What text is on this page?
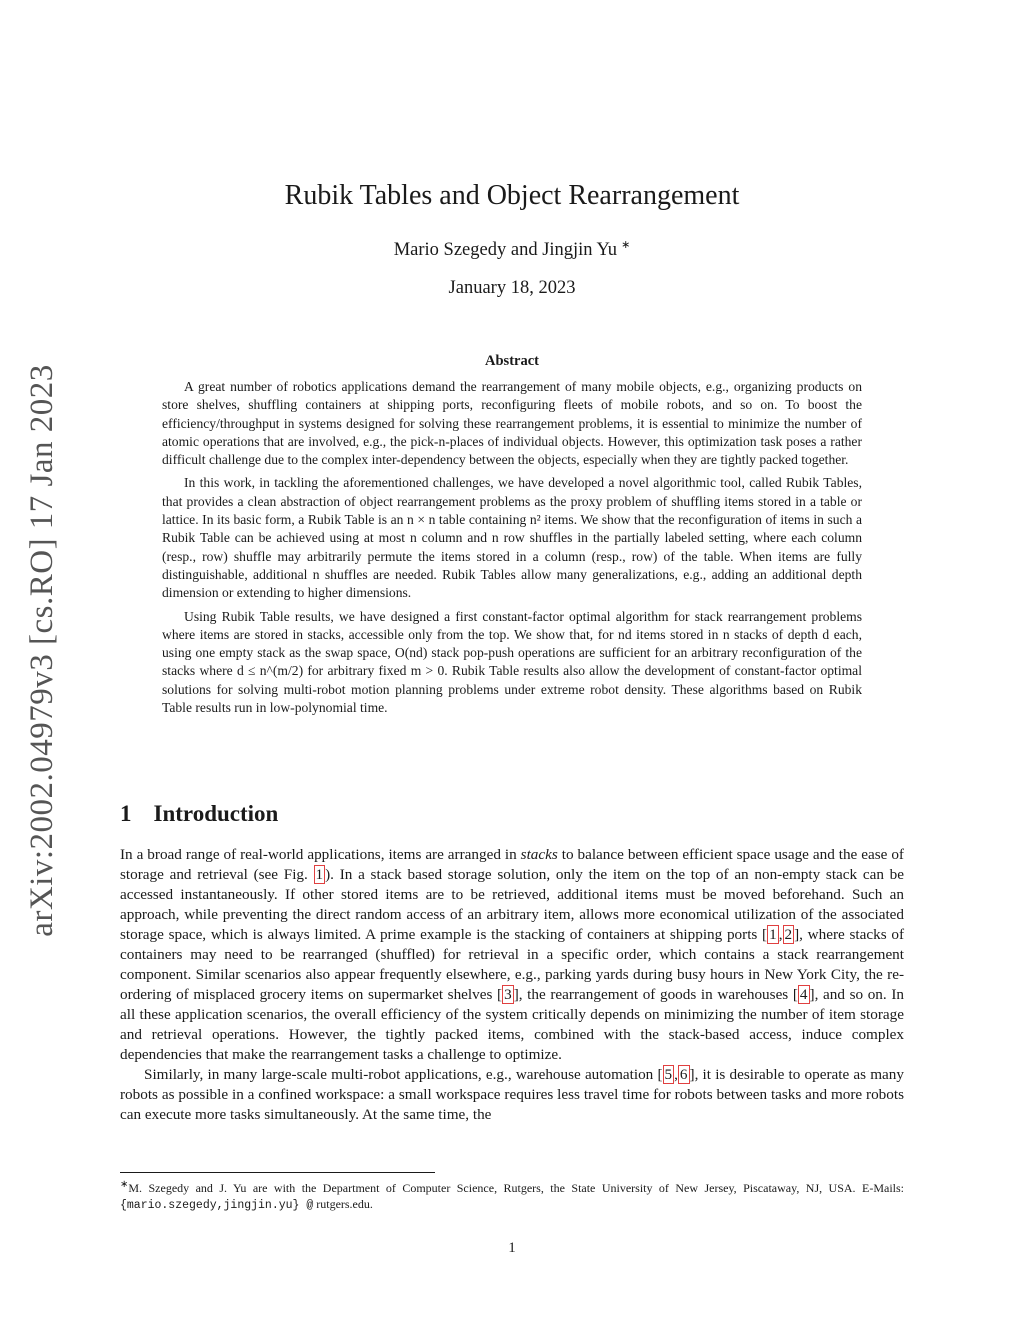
arXiv:2002.04979v3 [cs.RO] 17 Jan 2023
Rubik Tables and Object Rearrangement
Mario Szegedy and Jingjin Yu ∗
January 18, 2023
Abstract

A great number of robotics applications demand the rearrangement of many mobile objects, e.g., organizing products on store shelves, shuffling containers at shipping ports, reconfiguring fleets of mobile robots, and so on. To boost the efficiency/throughput in systems designed for solving these rearrangement problems, it is essential to minimize the number of atomic operations that are involved, e.g., the pick-n-places of individual objects. However, this optimization task poses a rather difficult challenge due to the complex inter-dependency between the objects, especially when they are tightly packed together.

In this work, in tackling the aforementioned challenges, we have developed a novel algorithmic tool, called Rubik Tables, that provides a clean abstraction of object rearrangement problems as the proxy problem of shuffling items stored in a table or lattice. In its basic form, a Rubik Table is an n × n table containing n² items. We show that the reconfiguration of items in such a Rubik Table can be achieved using at most n column and n row shuffles in the partially labeled setting, where each column (resp., row) shuffle may arbitrarily permute the items stored in a column (resp., row) of the table. When items are fully distinguishable, additional n shuffles are needed. Rubik Tables allow many generalizations, e.g., adding an additional depth dimension or extending to higher dimensions.

Using Rubik Table results, we have designed a first constant-factor optimal algorithm for stack rearrangement problems where items are stored in stacks, accessible only from the top. We show that, for nd items stored in n stacks of depth d each, using one empty stack as the swap space, O(nd) stack pop-push operations are sufficient for an arbitrary reconfiguration of the stacks where d ≤ n^(m/2) for arbitrary fixed m > 0. Rubik Table results also allow the development of constant-factor optimal solutions for solving multi-robot motion planning problems under extreme robot density. These algorithms based on Rubik Table results run in low-polynomial time.

1 Introduction

In a broad range of real-world applications, items are arranged in stacks to balance between efficient space usage and the ease of storage and retrieval (see Fig. 1 ). In a stack based storage solution, only the item on the top of an non-empty stack can be accessed instantaneously. If other stored items are to be retrieved, additional items must be moved beforehand. Such an approach, while preventing the direct random access of an arbitrary item, allows more economical utilization of the associated storage space, which is always limited. A prime example is the stacking of containers at shipping ports [ 1 , 2 ], where stacks of containers may need to be rearranged (shuffled) for retrieval in a specific order, which contains a stack rearrangement component. Similar scenarios also appear frequently elsewhere, e.g., parking yards during busy hours in New York City, the re-ordering of misplaced grocery items on supermarket shelves [ 3 ], the rearrangement of goods in warehouses [ 4 ], and so on. In all these application scenarios, the overall efficiency of the system critically depends on minimizing the number of item storage and retrieval operations. However, the tightly packed items, combined with the stack-based access, induce complex dependencies that make the rearrangement tasks a challenge to optimize.

Similarly, in many large-scale multi-robot applications, e.g., warehouse automation [ 5 , 6 ], it is desirable to operate as many robots as possible in a confined workspace: a small workspace requires less travel time for robots between tasks and more robots can execute more tasks simultaneously. At the same time, the

∗M. Szegedy and J. Yu are with the Department of Computer Science, Rutgers, the State University of New Jersey, Piscataway, NJ, USA. E-Mails: {mario.szegedy,jingjin.yu} @ rutgers.edu.
1
